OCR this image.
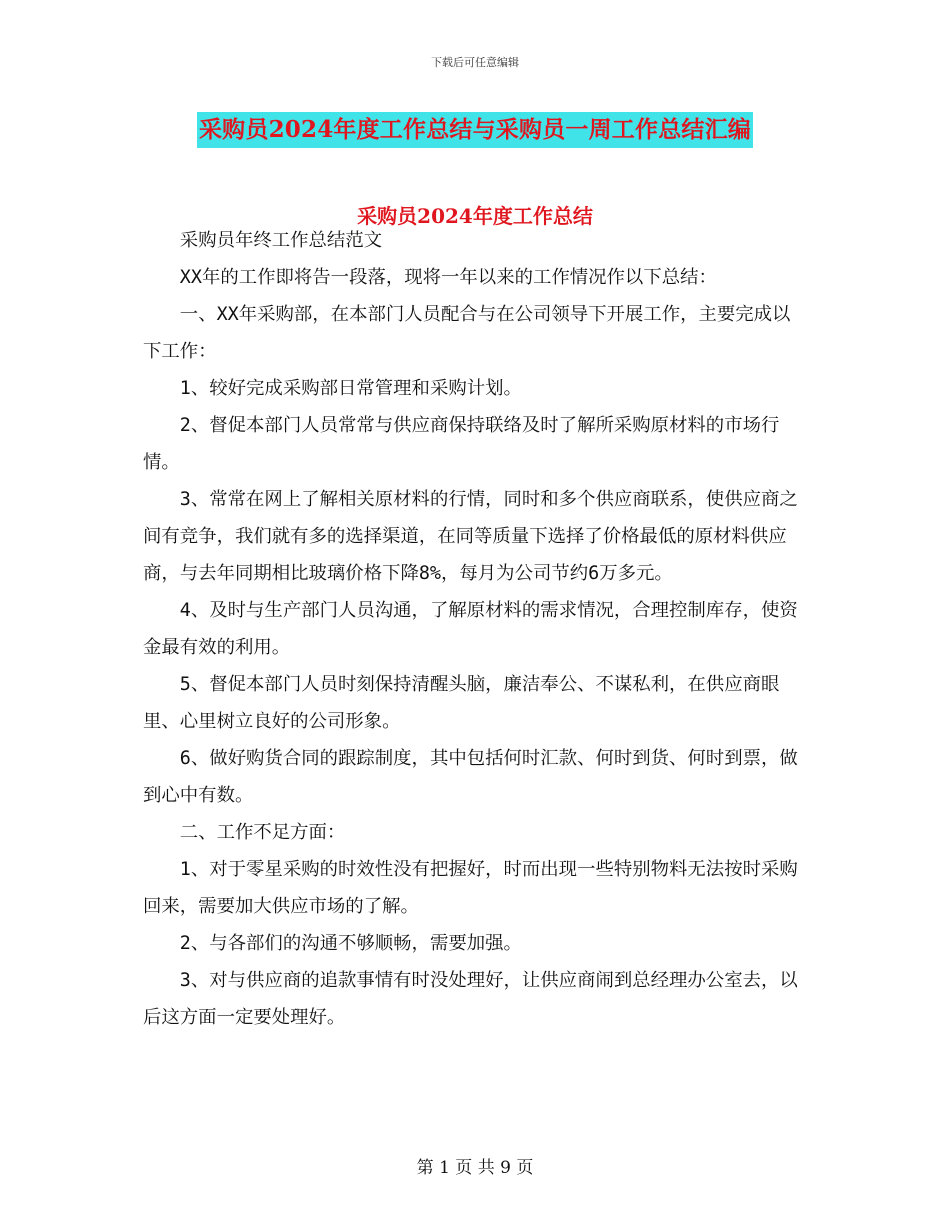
下载后可任意编辑
采购员2024年度工作总结与采购员一周工作总结汇编
采购员2024年度工作总结

采购员年终工作总结范文

XX年的工作即将告一段落，现将一年以来的工作情况作以下总结：

一、XX年采购部，在本部门人员配合与在公司领导下开展工作，主要完成以下工作：

1、较好完成采购部日常管理和采购计划。

2、督促本部门人员常常与供应商保持联络及时了解所采购原材料的市场行情。

3、常常在网上了解相关原材料的行情，同时和多个供应商联系，使供应商之间有竞争，我们就有多的选择渠道，在同等质量下选择了价格最低的原材料供应商，与去年同期相比玻璃价格下降8%，每月为公司节约6万多元。

4、及时与生产部门人员沟通，了解原材料的需求情况，合理控制库存，使资金最有效的利用。

5、督促本部门人员时刻保持清醒头脑，廉洁奉公、不谋私利，在供应商眼里、心里树立良好的公司形象。

6、做好购货合同的跟踪制度，其中包括何时汇款、何时到货、何时到票，做到心中有数。

二、工作不足方面：

1、对于零星采购的时效性没有把握好，时而出现一些特别物料无法按时采购回来，需要加大供应市场的了解。

2、与各部们的沟通不够顺畅，需要加强。

3、对与供应商的追款事情有时没处理好，让供应商闹到总经理办公室去，以后这方面一定要处理好。

第 1 页 共 9 页
